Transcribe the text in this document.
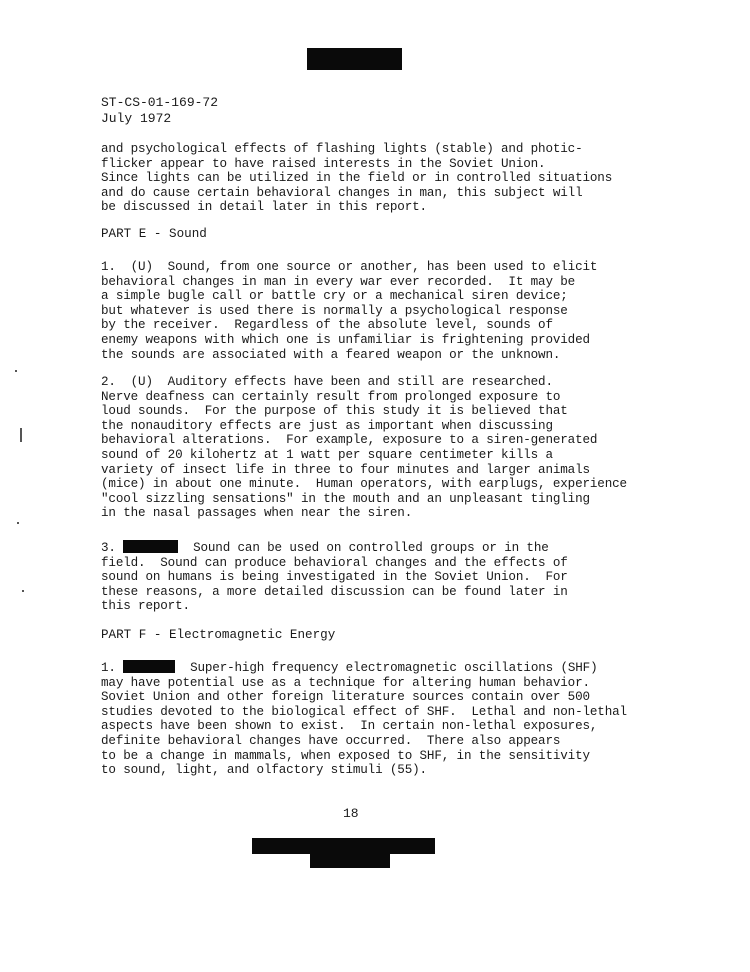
ST-CS-01-169-72
July 1972
and psychological effects of flashing lights (stable) and photic-
flicker appear to have raised interests in the Soviet Union.
Since lights can be utilized in the field or in controlled situations
and do cause certain behavioral changes in man, this subject will
be discussed in detail later in this report.
PART E - Sound
1.  (U)  Sound, from one source or another, has been used to elicit
behavioral changes in man in every war ever recorded.  It may be
a simple bugle call or battle cry or a mechanical siren device;
but whatever is used there is normally a psychological response
by the receiver.  Regardless of the absolute level, sounds of
enemy weapons with which one is unfamiliar is frightening provided
the sounds are associated with a feared weapon or the unknown.
2.  (U)  Auditory effects have been and still are researched.
Nerve deafness can certainly result from prolonged exposure to
loud sounds.  For the purpose of this study it is believed that
the nonauditory effects are just as important when discussing
behavioral alterations.  For example, exposure to a siren-generated
sound of 20 kilohertz at 1 watt per square centimeter kills a
variety of insect life in three to four minutes and larger animals
(mice) in about one minute.  Human operators, with earplugs, experience
"cool sizzling sensations" in the mouth and an unpleasant tingling
in the nasal passages when near the siren.
3.	Sound can be used on controlled groups or in the
field.  Sound can produce behavioral changes and the effects of
sound on humans is being investigated in the Soviet Union.  For
these reasons, a more detailed discussion can be found later in
this report.
PART F - Electromagnetic Energy
1.	Super-high frequency electromagnetic oscillations (SHF)
may have potential use as a technique for altering human behavior.
Soviet Union and other foreign literature sources contain over 500
studies devoted to the biological effect of SHF.  Lethal and non-lethal
aspects have been shown to exist.  In certain non-lethal exposures,
definite behavioral changes have occurred.  There also appears
to be a change in mammals, when exposed to SHF, in the sensitivity
to sound, light, and olfactory stimuli (55).
18
